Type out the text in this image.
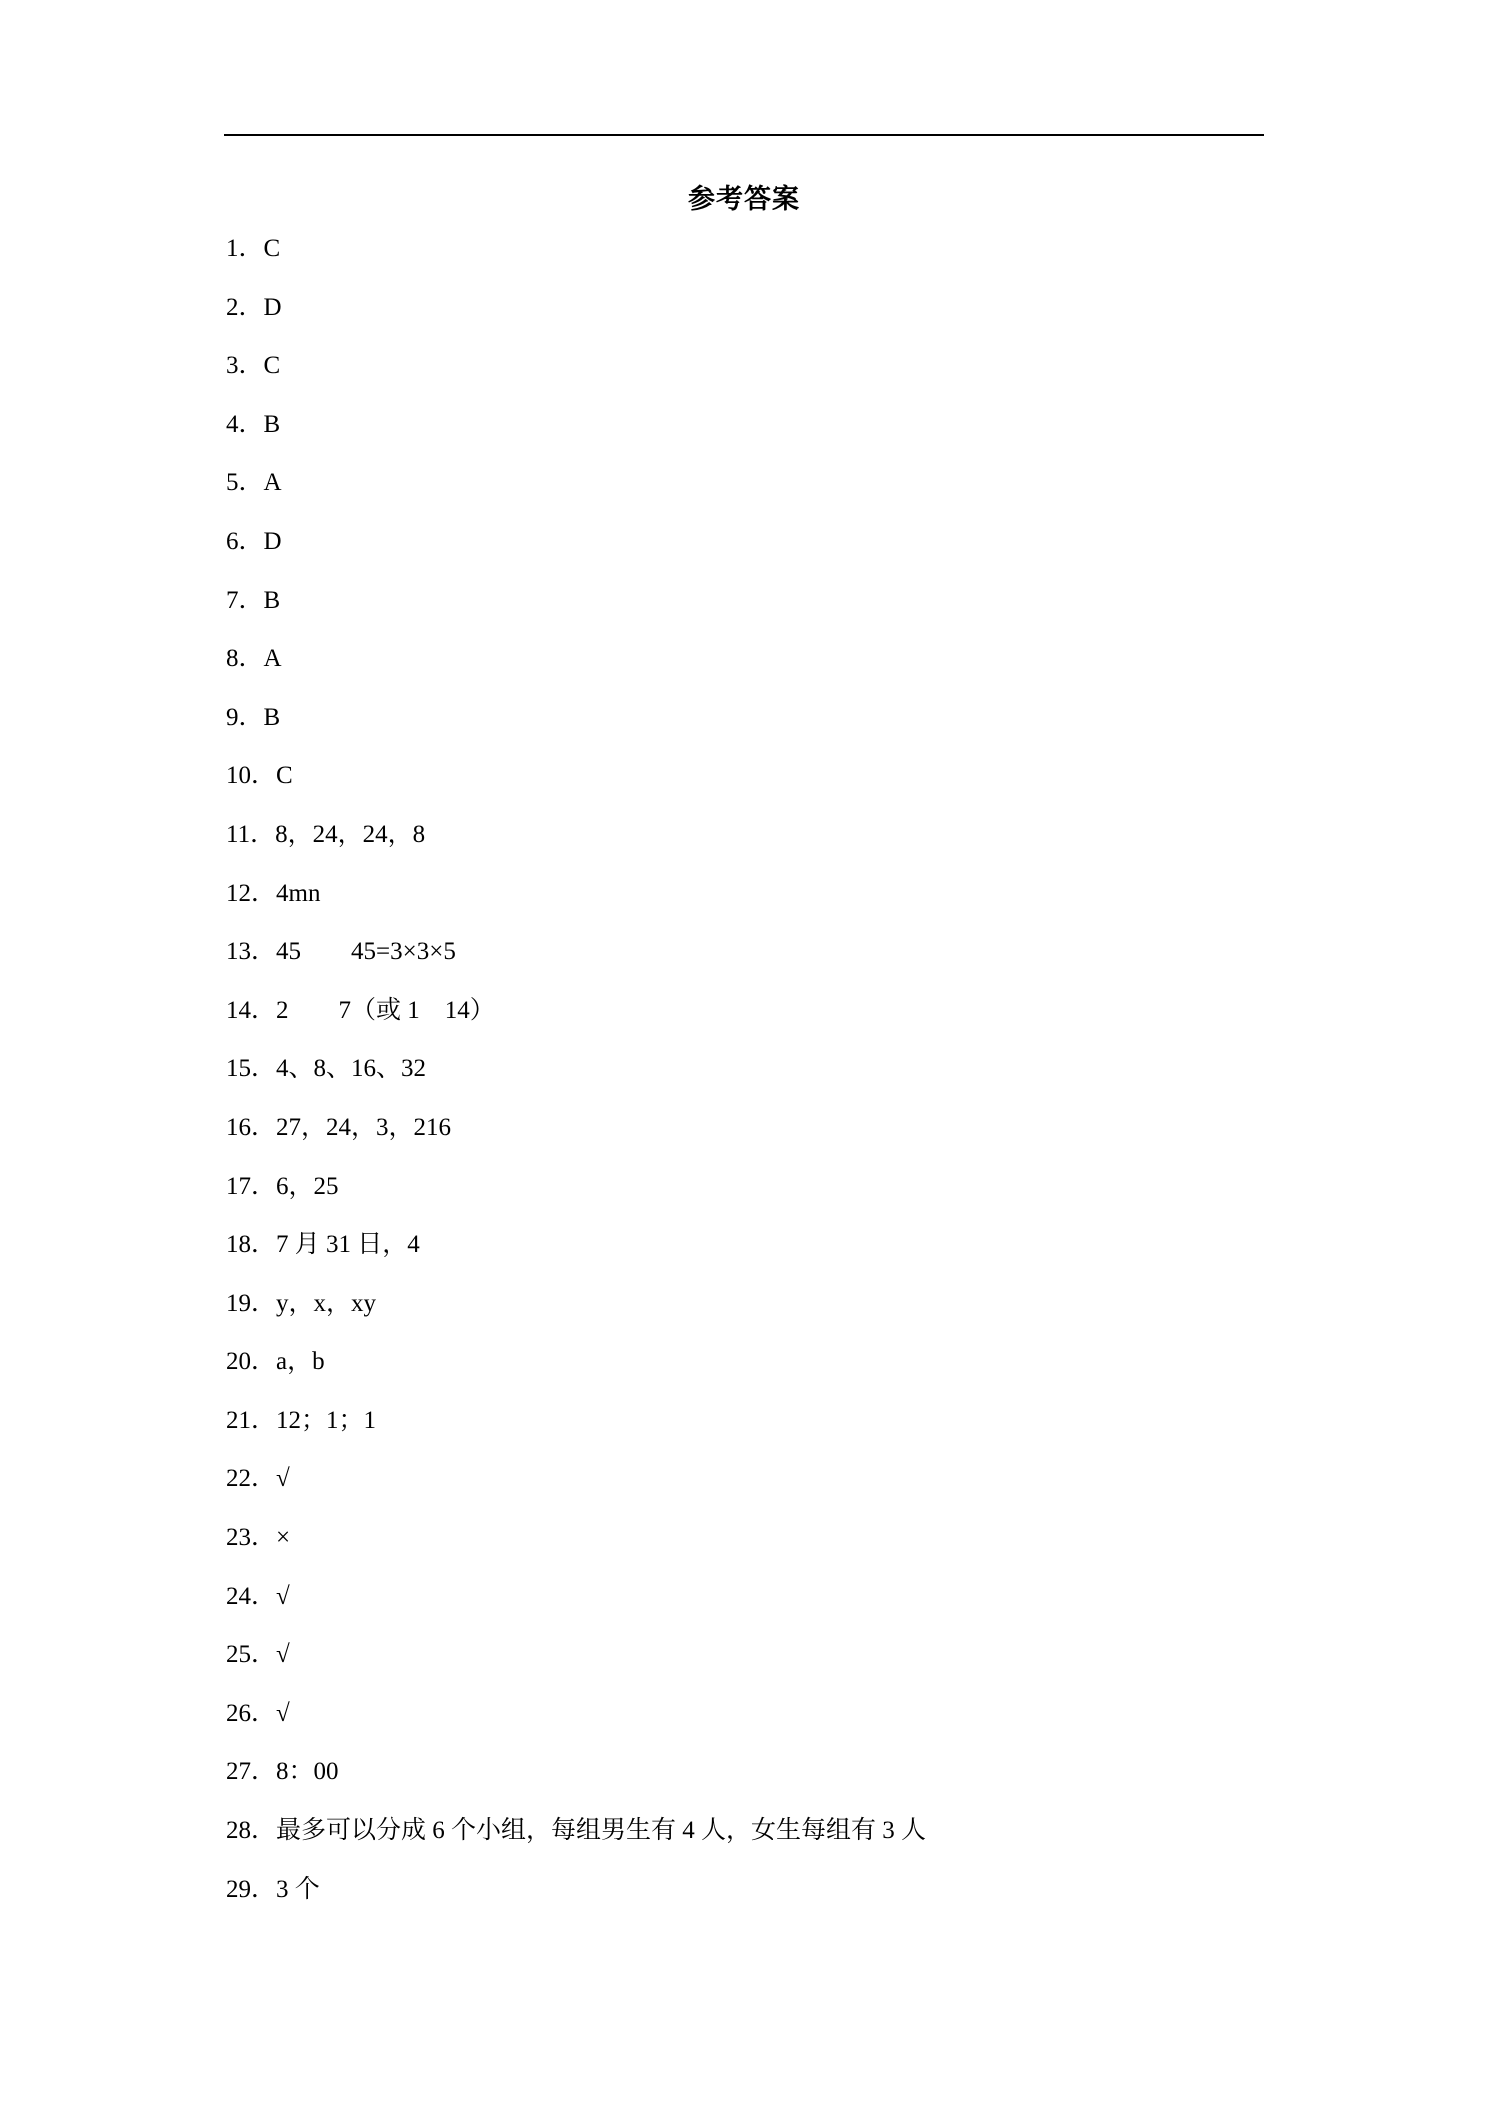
参考答案
1．C
2．D
3．C
4．B
5．A
6．D
7．B
8．A
9．B
10．C
11．8，24，24，8
12．4mn
13．45        45=3×3×5
14．2        7（或 1    14）
15．4、8、16、32
16．27，24，3，216
17．6，25
18．7 月 31 日，4
19．y，x，xy
20．a，b
21．12；1；1
22．√
23．×
24．√
25．√
26．√
27．8：00
28．最多可以分成 6 个小组，每组男生有 4 人，女生每组有 3 人
29．3 个
